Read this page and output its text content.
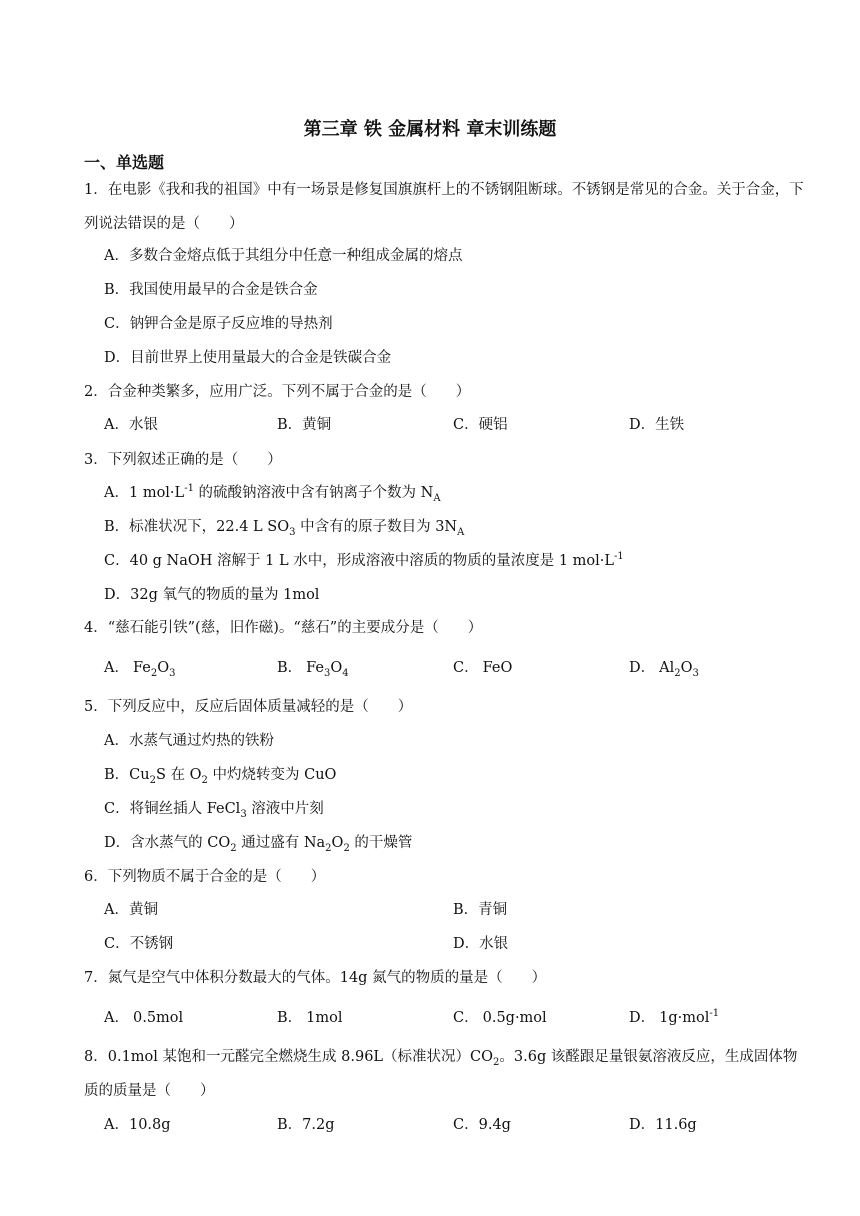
第三章 铁 金属材料 章末训练题
一、单选题
1．在电影《我和我的祖国》中有一场景是修复国旗旗杆上的不锈钢阻断球。不锈钢是常见的合金。关于合金，下列说法错误的是（　　）
A．多数合金熔点低于其组分中任意一种组成金属的熔点
B．我国使用最早的合金是铁合金
C．钠钾合金是原子反应堆的导热剂
D．目前世界上使用量最大的合金是铁碳合金
2．合金种类繁多，应用广泛。下列不属于合金的是（　　）
A．水银	B．黄铜	C．硬铝	D．生铁
3．下列叙述正确的是（　　）
A．1 $mol\cdot L^{-1}$ 的硫酸钠溶液中含有钠离子个数为 $N_A$
B．标准状况下，22.4 L $SO_3$ 中含有的原子数目为 $3N_A$
C．40 g NaOH 溶解于 1 L 水中，形成溶液中溶质的物质的量浓度是 1 $mol\cdot L^{-1}$
D．32g 氧气的物质的量为 1mol
4．“慈石能引铁”(慈，旧作磁)。“慈石”的主要成分是（　　）
A． $Fe_2O_3$	B． $Fe_3O_4$	C． FeO	D． $Al_2O_3$
5．下列反应中，反应后固体质量减轻的是（　　）
A．水蒸气通过灼热的铁粉
B．$Cu_2S$ 在 $O_2$ 中灼烧转变为 CuO
C．将铜丝插人 FeCl$_3$ 溶液中片刻
D．含水蒸气的 $CO_2$ 通过盛有 $Na_2O_2$ 的干燥管
6．下列物质不属于合金的是（　　）
A．黄铜	B．青铜
C．不锈钢	D．水银
7．氮气是空气中体积分数最大的气体。14g 氮气的物质的量是（　　）
A． 0.5mol	B． 1mol	C． 0.5g·mol	D． 1g·mol$^{-1}$
8．0.1mol 某饱和一元醛完全燃烧生成 8.96L（标准状况）$CO_2$。3.6g 该醛跟足量银氨溶液反应，生成固体物质的质量是（　　）
A．10.8g	B．7.2g	C．9.4g	D．11.6g
